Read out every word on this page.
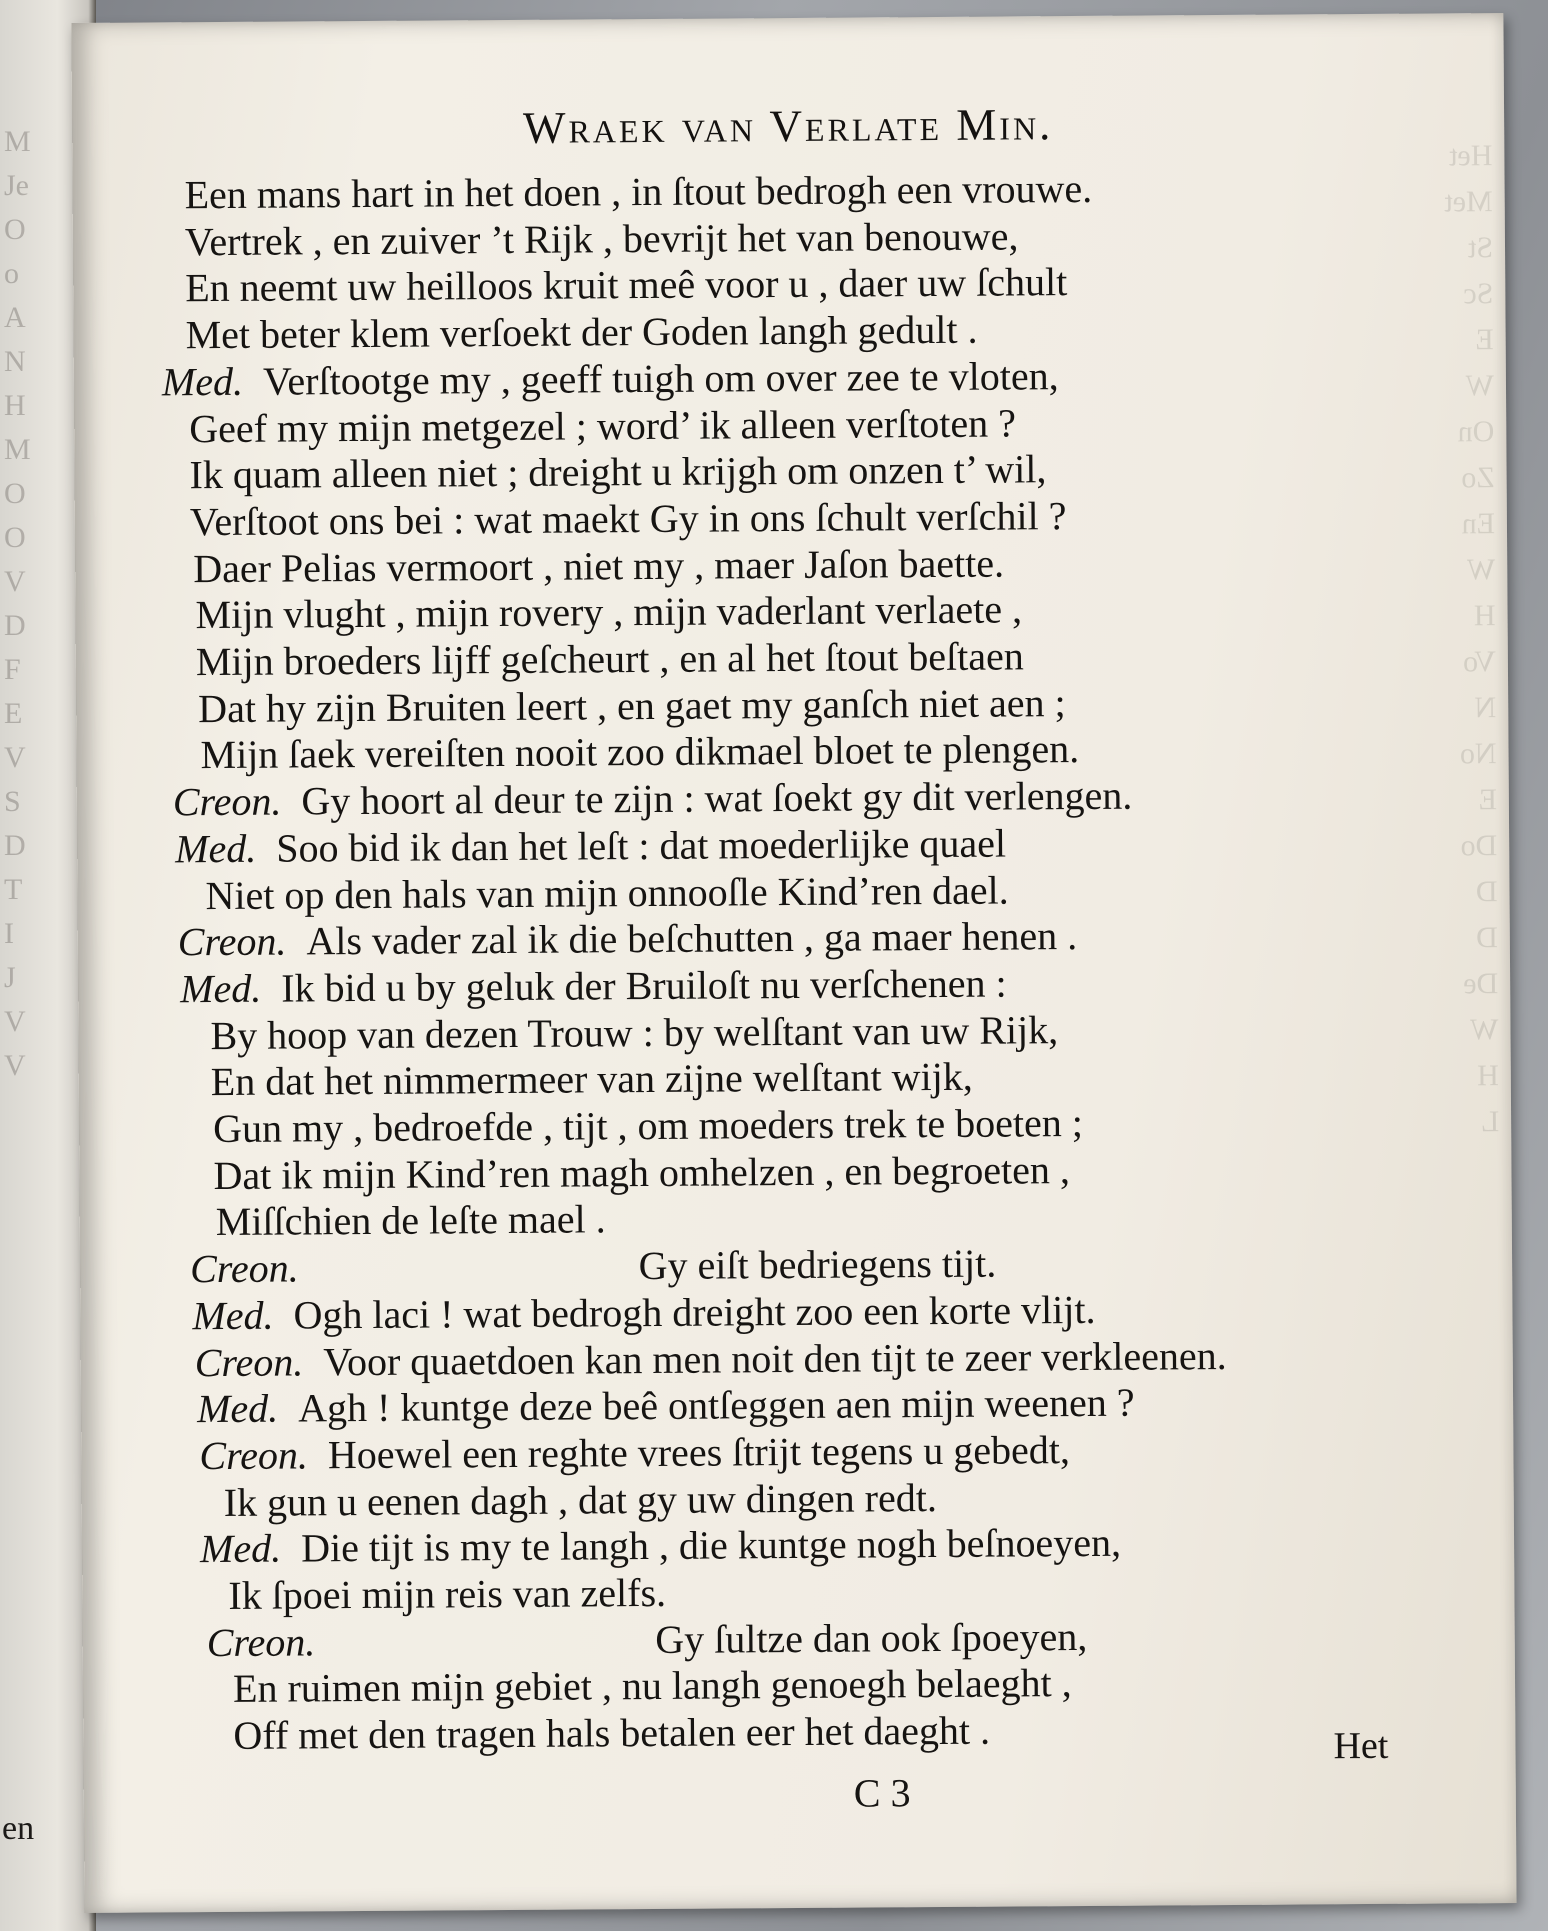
M
Je
O
o
A
N
H
M
O
O
V
D
F
E
V
S
D
T
I
J
V
V
en
Het
Met
St
Sc
E
W
On
Zo
En
W
H
Vo
N
No
E
Do
D
D
De
W
H
L
Wraek van Verlate Min.
Een mans hart in het doen , in ſtout bedrogh een vrouwe.
Vertrek , en zuiver ’t Rijk , bevrijt het van benouwe,
En neemt uw heilloos kruit meê voor u , daer uw ſchult
Met beter klem verſoekt der Goden langh gedult .
Med. Verſtootge my , geeff tuigh om over zee te vloten,
Geef my mijn metgezel ; word’ ik alleen verſtoten ?
Ik quam alleen niet ; dreight u krijgh om onzen t’ wil,
Verſtoot ons bei : wat maekt Gy in ons ſchult verſchil ?
Daer Pelias vermoort , niet my , maer Jaſon baette.
Mijn vlught , mijn rovery , mijn vaderlant verlaete ,
Mijn broeders lijff geſcheurt , en al het ſtout beſtaen
Dat hy zijn Bruiten leert , en gaet my ganſch niet aen ;
Mijn ſaek vereiſten nooit zoo dikmael bloet te plengen.
Creon. Gy hoort al deur te zijn : wat ſoekt gy dit verlengen.
Med. Soo bid ik dan het leſt : dat moederlijke quael
Niet op den hals van mijn onnooſle Kind’ren dael.
Creon. Als vader zal ik die beſchutten , ga maer henen .
Med. Ik bid u by geluk der Bruiloſt nu verſchenen :
By hoop van dezen Trouw : by welſtant van uw Rijk,
En dat het nimmermeer van zijne welſtant wijk,
Gun my , bedroefde , tijt , om moeders trek te boeten ;
Dat ik mijn Kind’ren magh omhelzen , en begroeten ,
Miſſchien de leſte mael .
Creon.	Gy eiſt bedriegens tijt.
Med. Ogh laci ! wat bedrogh dreight zoo een korte vlijt.
Creon. Voor quaetdoen kan men noit den tijt te zeer verkleenen.
Med. Agh ! kuntge deze beê ontſeggen aen mijn weenen ?
Creon. Hoewel een reghte vrees ſtrijt tegens u gebedt,
Ik gun u eenen dagh , dat gy uw dingen redt.
Med. Die tijt is my te langh , die kuntge nogh beſnoeyen,
Ik ſpoei mijn reis van zelfs.
Creon.	Gy ſultze dan ook ſpoeyen,
En ruimen mijn gebiet , nu langh genoegh belaeght ,
Off met den tragen hals betalen eer het daeght .
C 3
Het
